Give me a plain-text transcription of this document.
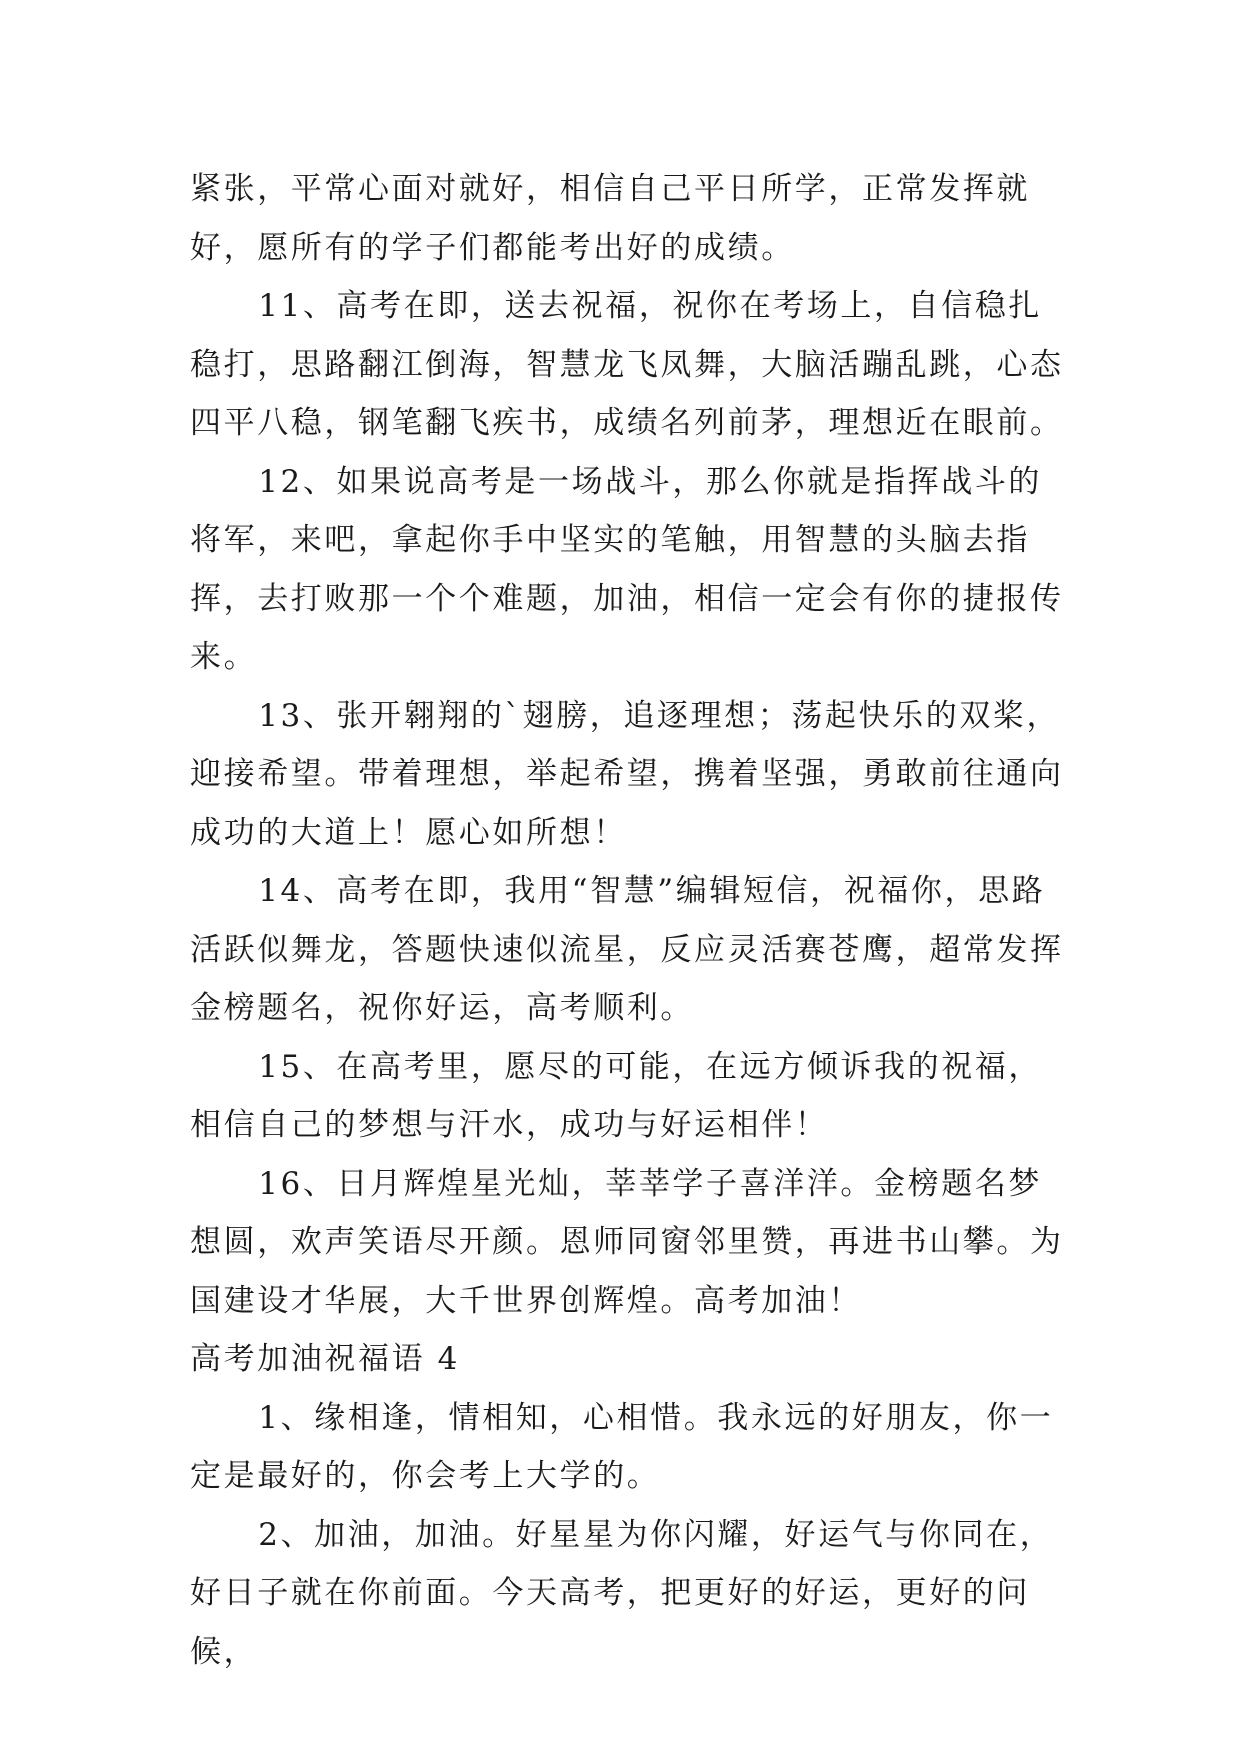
紧张，平常心面对就好，相信自己平日所学，正常发挥就好，愿所有的学子们都能考出好的成绩。

11、高考在即，送去祝福，祝你在考场上，自信稳扎稳打，思路翻江倒海，智慧龙飞凤舞，大脑活蹦乱跳，心态四平八稳，钢笔翻飞疾书，成绩名列前茅，理想近在眼前。

12、如果说高考是一场战斗，那么你就是指挥战斗的将军，来吧，拿起你手中坚实的笔触，用智慧的头脑去指挥，去打败那一个个难题，加油，相信一定会有你的捷报传来。

13、张开翱翔的`翅膀，追逐理想；荡起快乐的双桨，迎接希望。带着理想，举起希望，携着坚强，勇敢前往通向成功的大道上！愿心如所想！

14、高考在即，我用“智慧”编辑短信，祝福你，思路活跃似舞龙，答题快速似流星，反应灵活赛苍鹰，超常发挥金榜题名，祝你好运，高考顺利。

15、在高考里，愿尽的可能，在远方倾诉我的祝福，相信自己的梦想与汗水，成功与好运相伴！

16、日月辉煌星光灿，莘莘学子喜洋洋。金榜题名梦想圆，欢声笑语尽开颜。恩师同窗邻里赞，再进书山攀。为国建设才华展，大千世界创辉煌。高考加油！

高考加油祝福语 4

1、缘相逢，情相知，心相惜。我永远的好朋友，你一定是最好的，你会考上大学的。

2、加油，加油。好星星为你闪耀，好运气与你同在，好日子就在你前面。今天高考，把更好的好运，更好的问候，
